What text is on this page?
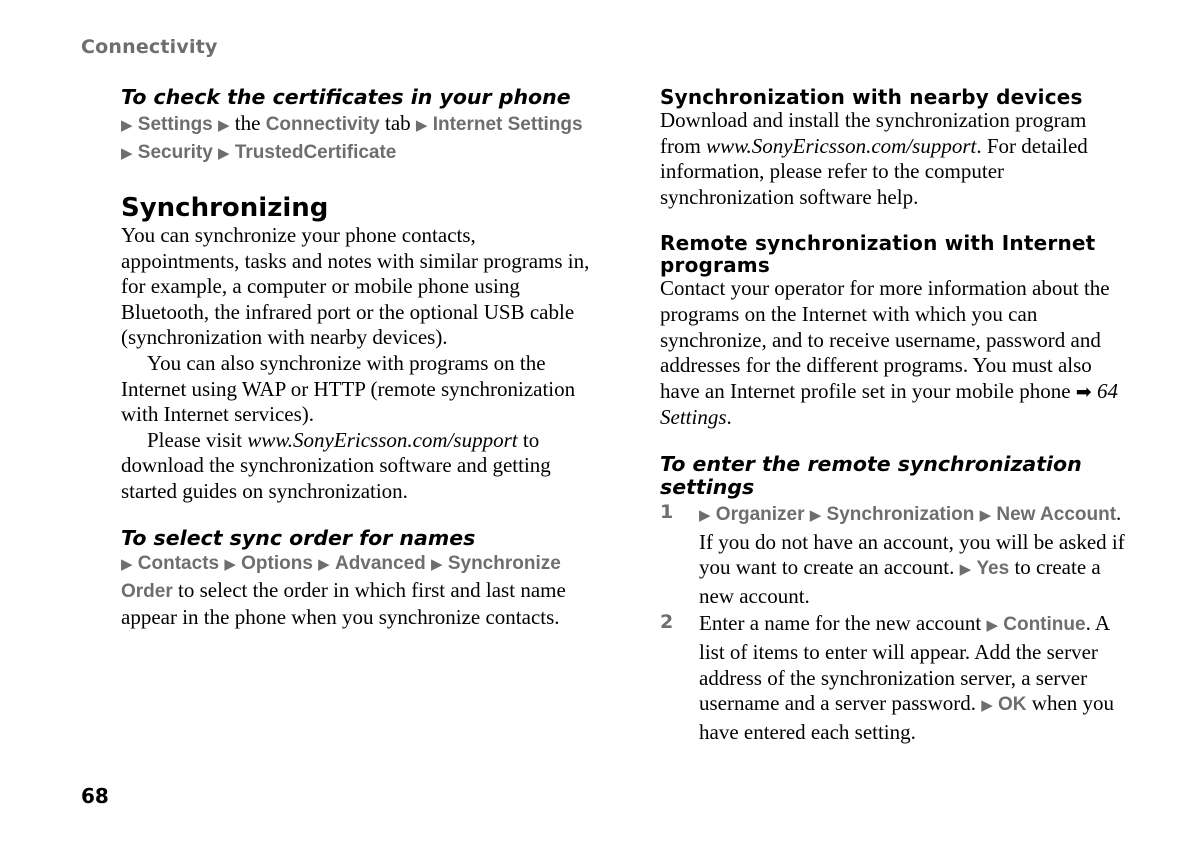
Connectivity
To check the certificates in your phone

▶ Settings ▶ the Connectivity tab ▶ Internet Settings
▶ Security ▶ TrustedCertificate

Synchronizing

You can synchronize your phone contacts, appointments, tasks and notes with similar programs in, for example, a computer or mobile phone using Bluetooth, the infrared port or the optional USB cable (synchronization with nearby devices).

You can also synchronize with programs on the Internet using WAP or HTTP (remote synchronization with Internet services).

Please visit www.SonyEricsson.com/support to download the synchronization software and getting started guides on synchronization.

To select sync order for names

▶ Contacts ▶ Options ▶ Advanced ▶ Synchronize Order to select the order in which first and last name appear in the phone when you synchronize contacts.

Synchronization with nearby devices

Download and install the synchronization program from www.SonyEricsson.com/support. For detailed information, please refer to the computer synchronization software help.

Remote synchronization with Internet programs

Contact your operator for more information about the programs on the Internet with which you can synchronize, and to receive username, password and addresses for the different programs. You must also have an Internet profile set in your mobile phone ➡ 64 Settings.

To enter the remote synchronization settings
1 ▶ Organizer ▶ Synchronization ▶ New Account. If you do not have an account, you will be asked if you want to create an account. ▶ Yes to create a new account.

2 Enter a name for the new account ▶ Continue. A list of items to enter will appear. Add the server address of the synchronization server, a server username and a server password. ▶ OK when you have entered each setting.

68
